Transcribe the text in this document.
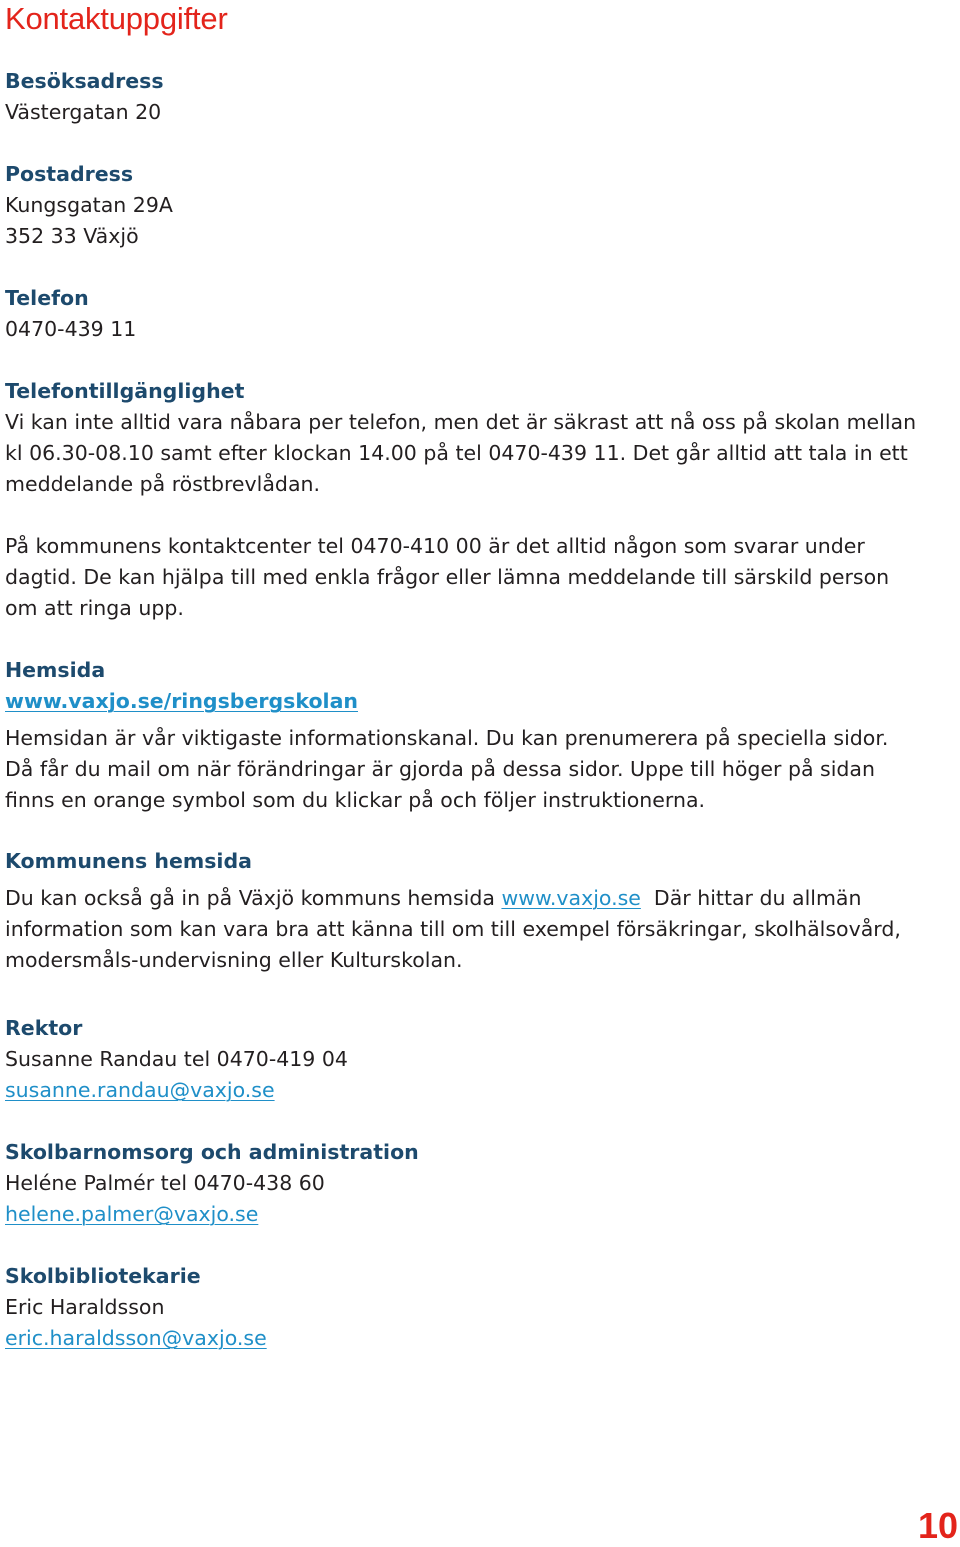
Kontaktuppgifter
Besöksadress
Västergatan 20
Postadress
Kungsgatan 29A
352 33 Växjö
Telefon
0470-439 11
Telefontillgänglighet
Vi kan inte alltid vara nåbara per telefon, men det är säkrast att nå oss på skolan mellan
kl 06.30-08.10 samt efter klockan 14.00 på tel 0470-439 11. Det går alltid att tala in ett
meddelande på röstbrevlådan.
På kommunens kontaktcenter tel 0470-410 00 är det alltid någon som svarar under
dagtid. De kan hjälpa till med enkla frågor eller lämna meddelande till särskild person
om att ringa upp.
Hemsida
www.vaxjo.se/ringsbergskolan
Hemsidan är vår viktigaste informationskanal. Du kan prenumerera på speciella sidor.
Då får du mail om när förändringar är gjorda på dessa sidor. Uppe till höger på sidan
finns en orange symbol som du klickar på och följer instruktionerna.
Kommunens hemsida
Du kan också gå in på Växjö kommuns hemsida www.vaxjo.se  Där hittar du allmän
information som kan vara bra att känna till om till exempel försäkringar, skolhälsovård,
modersmåls-undervisning eller Kulturskolan.
Rektor
Susanne Randau tel 0470-419 04
susanne.randau@vaxjo.se
Skolbarnomsorg och administration
Heléne Palmér tel 0470-438 60
helene.palmer@vaxjo.se
Skolbibliotekarie
Eric Haraldsson
eric.haraldsson@vaxjo.se
10
